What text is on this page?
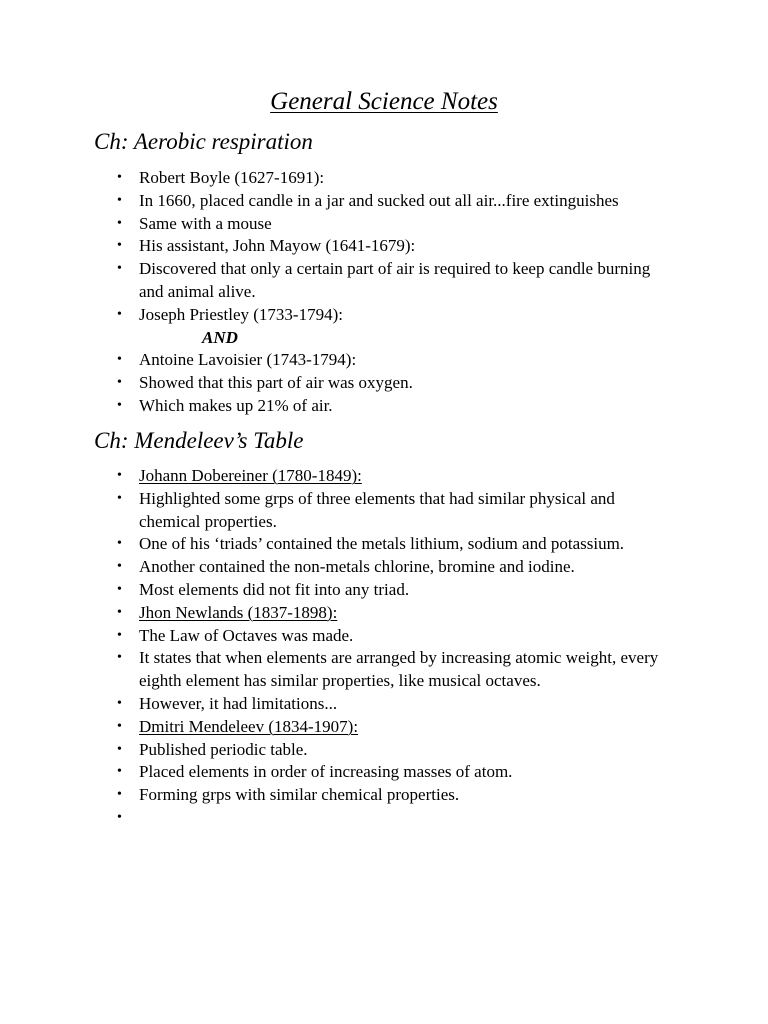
General Science Notes
Ch: Aerobic respiration
• Robert Boyle (1627-1691):
• In 1660, placed candle in a jar and sucked out all air...fire extinguishes
• Same with a mouse
• His assistant, John Mayow (1641-1679):
• Discovered that only a certain part of air is required to keep candle burning and animal alive.
• Joseph Priestley (1733-1794):
AND
• Antoine Lavoisier (1743-1794):
• Showed that this part of air was oxygen.
• Which makes up 21% of air.
Ch: Mendeleev’s Table
• Johann Dobereiner (1780-1849):
• Highlighted some grps of three elements that had similar physical and chemical properties.
• One of his ‘triads’ contained the metals lithium, sodium and potassium.
• Another contained the non-metals chlorine, bromine and iodine.
• Most elements did not fit into any triad.
• Jhon Newlands (1837-1898):
• The Law of Octaves was made.
• It states that when elements are arranged by increasing atomic weight, every eighth element has similar properties, like musical octaves.
• However, it had limitations...
• Dmitri Mendeleev (1834-1907):
• Published periodic table.
• Placed elements in order of increasing masses of atom.
• Forming grps with similar chemical properties.
•
